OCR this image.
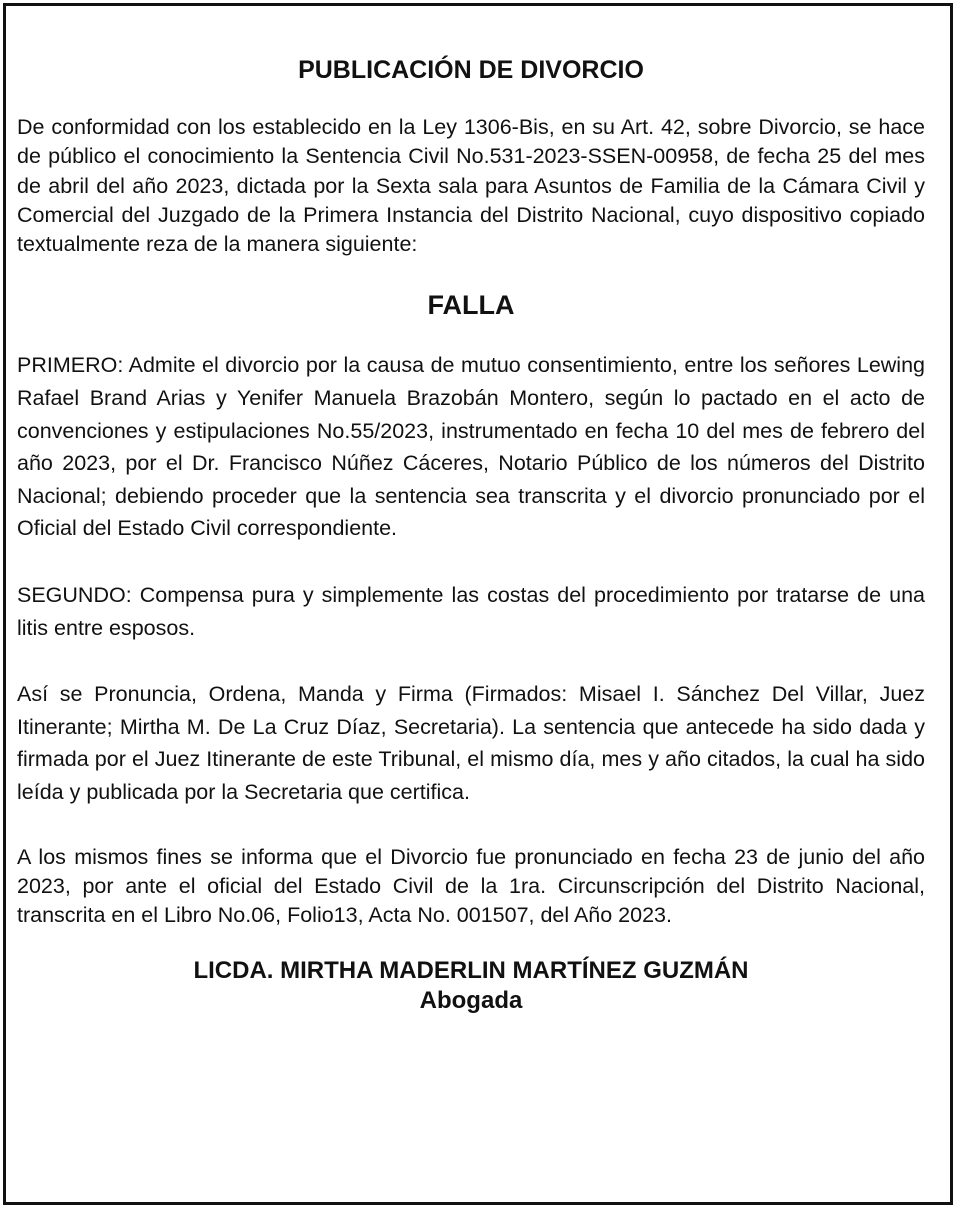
PUBLICACIÓN DE DIVORCIO

De conformidad con los establecido en la Ley 1306-Bis, en su Art. 42, sobre Divorcio, se hace de público el conocimiento la Sentencia Civil No.531-2023-SSEN-00958, de fecha 25 del mes de abril del año 2023, dictada por la Sexta sala para Asuntos de Familia de la Cámara Civil y Comercial del Juzgado de la Primera Instancia del Distrito Nacional, cuyo dispositivo copiado textualmente reza de la manera siguiente:

FALLA

PRIMERO: Admite el divorcio por la causa de mutuo consentimiento, entre los señores Lewing Rafael Brand Arias y Yenifer Manuela Brazobán Montero, según lo pactado en el acto de convenciones y estipulaciones No.55/2023, instrumentado en fecha 10 del mes de febrero del año 2023, por el Dr. Francisco Núñez Cáceres, Notario Público de los números del Distrito Nacional; debiendo proceder que la sentencia sea transcrita y el divorcio pronunciado por el Oficial del Estado Civil correspondiente.

SEGUNDO: Compensa pura y simplemente las costas del procedimiento por tratarse de una litis entre esposos.

Así se Pronuncia, Ordena, Manda y Firma (Firmados: Misael I. Sánchez Del Villar, Juez Itinerante; Mirtha M. De La Cruz Díaz, Secretaria). La sentencia que antecede ha sido dada y firmada por el Juez Itinerante de este Tribunal, el mismo día, mes y año citados, la cual ha sido leída y publicada por la Secretaria que certifica.

A los mismos fines se informa que el Divorcio fue pronunciado en fecha 23 de junio del año 2023, por ante el oficial del Estado Civil de la 1ra. Circunscripción del Distrito Nacional, transcrita en el Libro No.06, Folio13, Acta No. 001507, del Año 2023.

LICDA. MIRTHA MADERLIN MARTÍNEZ GUZMÁN
Abogada
